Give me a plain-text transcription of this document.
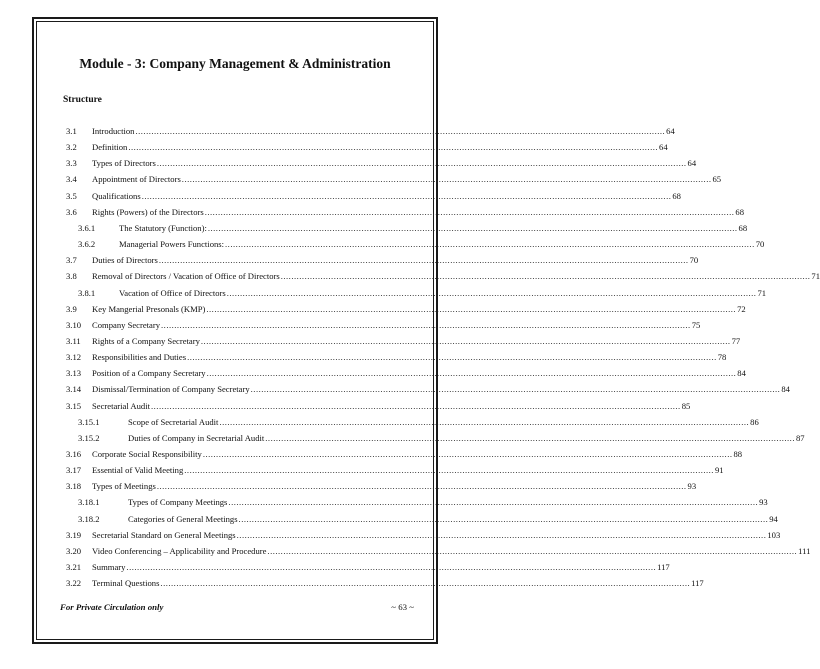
Module - 3: Company Management & Administration
Structure
3.1 Introduction ........................................................................................................................................................................................................ 64
3.2 Definition ........................................................................................................................................................................................................ 64
3.3 Types of Directors ........................................................................................................................................................................................................ 64
3.4 Appointment of Directors ........................................................................................................................................................................................................ 65
3.5 Qualifications ........................................................................................................................................................................................................ 68
3.6 Rights (Powers) of the Directors ........................................................................................................................................................................................................ 68
3.6.1	The Statutory (Function): ........................................................................................................................................................................................................ 68
3.6.2	Managerial Powers Functions: ........................................................................................................................................................................................................ 70
3.7 Duties of Directors ........................................................................................................................................................................................................ 70
3.8 Removal of Directors / Vacation of Office of Directors ........................................................................................................................................................................................................ 71
3.8.1	Vacation of Office of Directors ........................................................................................................................................................................................................ 71
3.9 Key Mangerial Presonals (KMP) ........................................................................................................................................................................................................ 72
3.10 Company Secretary ........................................................................................................................................................................................................ 75
3.11 Rights of a Company Secretary ........................................................................................................................................................................................................ 77
3.12 Responsibilities and Duties ........................................................................................................................................................................................................ 78
3.13 Position of a Company Secretary ........................................................................................................................................................................................................ 84
3.14 Dismissal/Termination of Company Secretary ........................................................................................................................................................................................................ 84
3.15 Secretarial Audit ........................................................................................................................................................................................................ 85
3.15.1	Scope of Secretarial Audit ........................................................................................................................................................................................................ 86
3.15.2	Duties of Company in Secretarial Audit ........................................................................................................................................................................................................ 87
3.16 Corporate Social Responsibility ........................................................................................................................................................................................................ 88
3.17 Essential of Valid Meeting ........................................................................................................................................................................................................ 91
3.18 Types of Meetings ........................................................................................................................................................................................................ 93
3.18.1	Types of Company Meetings ........................................................................................................................................................................................................ 93
3.18.2	Categories of General Meetings ........................................................................................................................................................................................................ 94
3.19 Secretarial Standard on General Meetings ........................................................................................................................................................................................................ 103
3.20 Video Conferencing – Applicability and Procedure ........................................................................................................................................................................................................ 111
3.21 Summary ........................................................................................................................................................................................................ 117
3.22 Terminal Questions ........................................................................................................................................................................................................ 117
For Private Circulation only	~ 63 ~
